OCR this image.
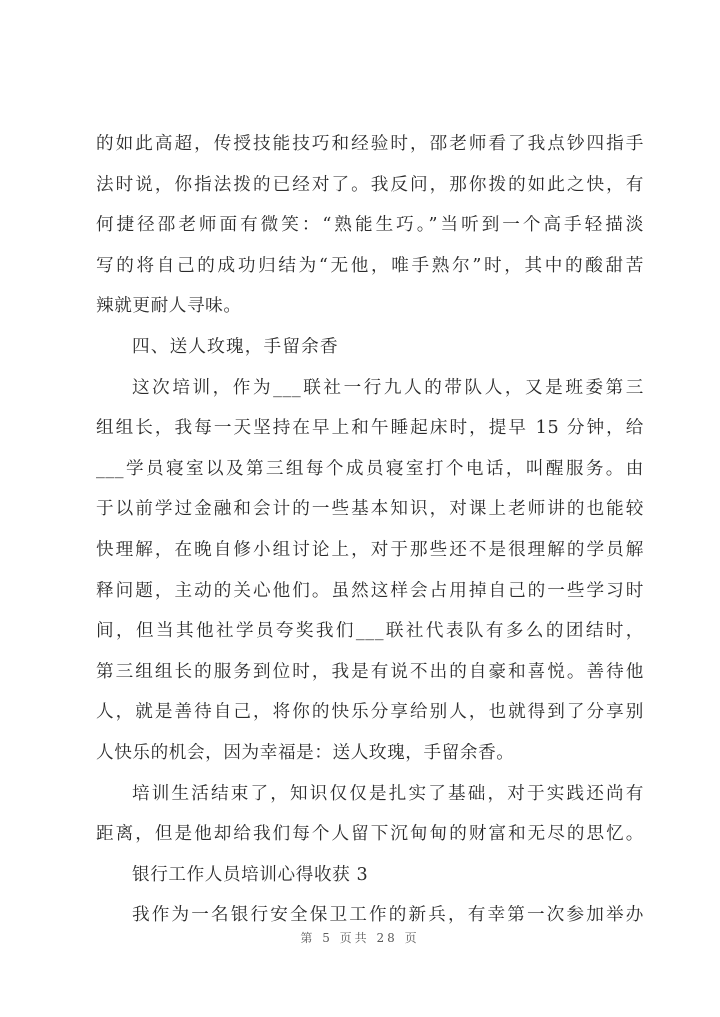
的如此高超，传授技能技巧和经验时，邵老师看了我点钞四指手
法时说，你指法拨的已经对了。我反问，那你拨的如此之快，有
何捷径邵老师面有微笑：“熟能生巧。”当听到一个高手轻描淡
写的将自己的成功归结为“无他，唯手熟尔”时，其中的酸甜苦
辣就更耐人寻味。
四、送人玫瑰，手留余香
这次培训，作为___联社一行九人的带队人，又是班委第三
组组长，我每一天坚持在早上和午睡起床时，提早 15 分钟，给
___学员寝室以及第三组每个成员寝室打个电话，叫醒服务。由
于以前学过金融和会计的一些基本知识，对课上老师讲的也能较
快理解，在晚自修小组讨论上，对于那些还不是很理解的学员解
释问题，主动的关心他们。虽然这样会占用掉自己的一些学习时
间，但当其他社学员夸奖我们___联社代表队有多么的团结时，
第三组组长的服务到位时，我是有说不出的自豪和喜悦。善待他
人，就是善待自己，将你的快乐分享给别人，也就得到了分享别
人快乐的机会，因为幸福是：送人玫瑰，手留余香。
培训生活结束了，知识仅仅是扎实了基础，对于实践还尚有
距离，但是他却给我们每个人留下沉甸甸的财富和无尽的思忆。
银行工作人员培训心得收获 3
我作为一名银行安全保卫工作的新兵，有幸第一次参加举办
第 5 页共 28 页
